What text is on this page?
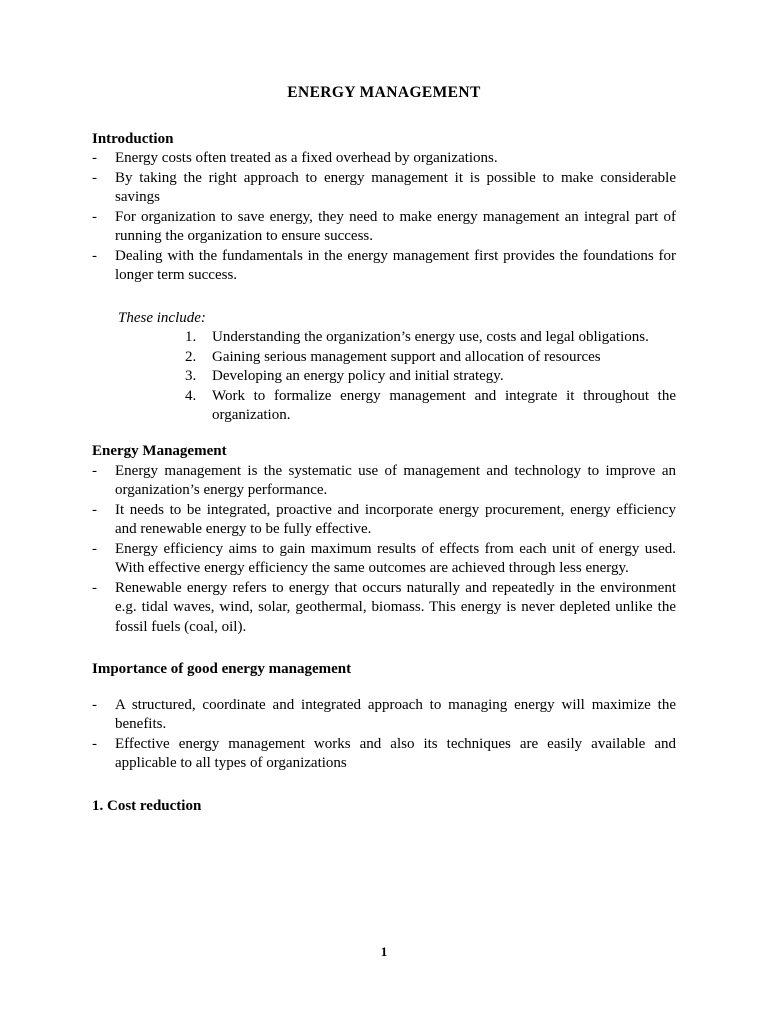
ENERGY MANAGEMENT
Introduction
- Energy costs often treated as a fixed overhead by organizations.
- By taking the right approach to energy management it is possible to make considerable savings
- For organization to save energy, they need to make energy management an integral part of running the organization to ensure success.
- Dealing with the fundamentals in the energy management first provides the foundations for longer term success.
These include:
1. Understanding the organization’s energy use, costs and legal obligations.
2. Gaining serious management support and allocation of resources
3. Developing an energy policy and initial strategy.
4. Work to formalize energy management and integrate it throughout the organization.
Energy Management
- Energy management is the systematic use of management and technology to improve an organization’s energy performance.
- It needs to be integrated, proactive and incorporate energy procurement, energy efficiency and renewable energy to be fully effective.
- Energy efficiency aims to gain maximum results of effects from each unit of energy used. With effective energy efficiency the same outcomes are achieved through less energy.
- Renewable energy refers to energy that occurs naturally and repeatedly in the environment e.g. tidal waves, wind, solar, geothermal, biomass. This energy is never depleted unlike the fossil fuels (coal, oil).
Importance of good energy management
- A structured, coordinate and integrated approach to managing energy will maximize the benefits.
- Effective energy management works and also its techniques are easily available and applicable to all types of organizations
1. Cost reduction
1
